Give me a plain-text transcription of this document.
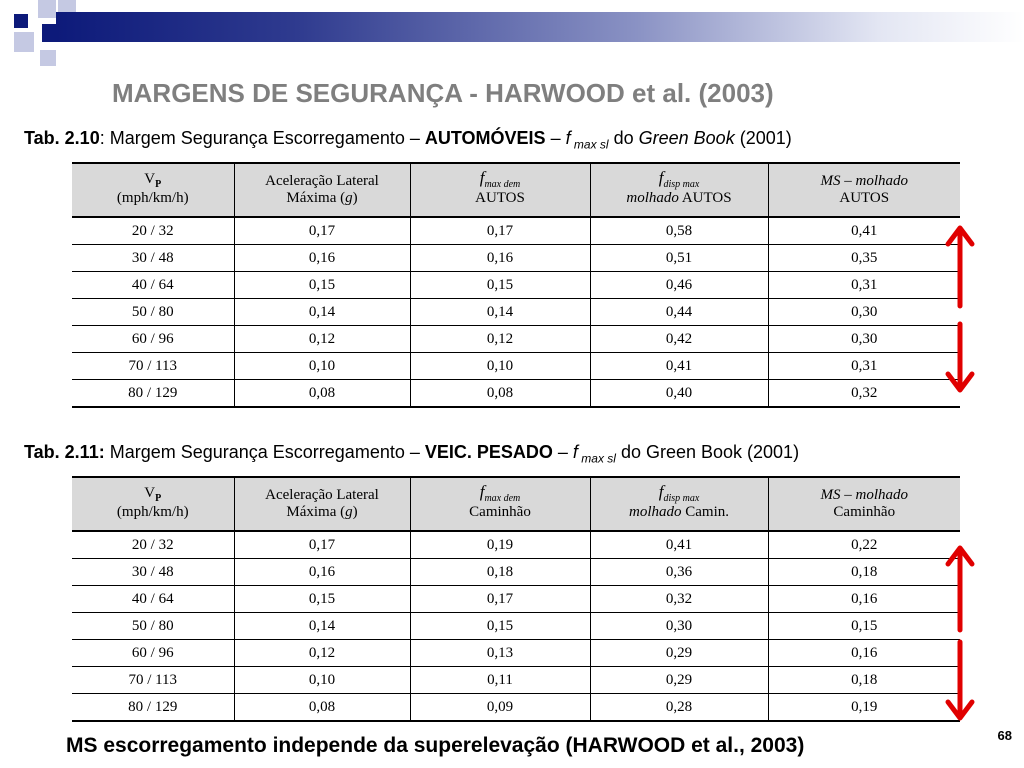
MARGENS DE SEGURANÇA - HARWOOD et al. (2003)
Tab. 2.10: Margem Segurança Escorregamento – AUTOMÓVEIS – f $_{max sl}$ do Green Book (2001)
$V_P$	Aceleração Lateral	$f_{max dem}$	$f_{disp max}$	MS – molhado
(mph/km/h)	Máxima (g)	AUTOS	molhado AUTOS	AUTOS
20 / 32	0,17	0,17	0,58	0,41
30 / 48	0,16	0,16	0,51	0,35
40 / 64	0,15	0,15	0,46	0,31
50 / 80	0,14	0,14	0,44	0,30
60 / 96	0,12	0,12	0,42	0,30
70 / 113	0,10	0,10	0,41	0,31
80 / 129	0,08	0,08	0,40	0,32
Tab. 2.11: Margem Segurança Escorregamento – VEIC. PESADO – f $_{max sl}$ do Green Book (2001)
$V_P$	Aceleração Lateral	$f_{max dem}$	$f_{disp max}$	MS – molhado
(mph/km/h)	Máxima (g)	Caminhão	molhado Camin.	Caminhão
20 / 32	0,17	0,19	0,41	0,22
30 / 48	0,16	0,18	0,36	0,18
40 / 64	0,15	0,17	0,32	0,16
50 / 80	0,14	0,15	0,30	0,15
60 / 96	0,12	0,13	0,29	0,16
70 / 113	0,10	0,11	0,29	0,18
80 / 129	0,08	0,09	0,28	0,19
MS escorregamento independe da superelevação (HARWOOD et al., 2003)	68
